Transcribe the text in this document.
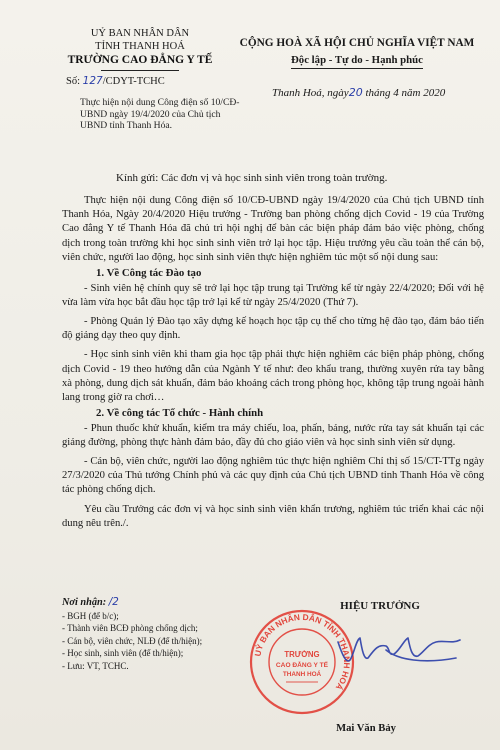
UỶ BAN NHÂN DÂN
TỈNH THANH HOÁ
TRƯỜNG CAO ĐẲNG Y TẾ
Số: 127/CDYT-TCHC
Thực hiện nội dung Công điện số 10/CĐ-UBND ngày 19/4/2020 của Chủ tịch UBND tỉnh Thanh Hóa.
CỘNG HOÀ XÃ HỘI CHỦ NGHĨA VIỆT NAM
Độc lập - Tự do - Hạnh phúc
Thanh Hoá, ngày20 tháng 4 năm 2020
Kính gửi: Các đơn vị và học sinh sinh viên trong toàn trường.

Thực hiện nội dung Công điện số 10/CĐ-UBND ngày 19/4/2020 của Chủ tịch UBND tỉnh Thanh Hóa, Ngày 20/4/2020 Hiệu trưởng - Trường ban phòng chống dịch Covid - 19 của Trường Cao đẳng Y tế Thanh Hóa đã chủ trì hội nghị để bàn các biện pháp đảm bảo việc phòng, chống dịch trong toàn trường khi học sinh sinh viên trở lại học tập. Hiệu trưởng yêu cầu toàn thể cán bộ, viên chức, người lao động, học sinh sinh viên thực hiện nghiêm túc một số nội dung sau:

1. Về Công tác Đào tạo

- Sinh viên hệ chính quy sẽ trở lại học tập trung tại Trường kể từ ngày 22/4/2020; Đối với hệ vừa làm vừa học bắt đầu học tập trở lại kể từ ngày 25/4/2020 (Thứ 7).

- Phòng Quản lý Đào tạo xây dựng kế hoạch học tập cụ thể cho từng hệ đào tạo, đảm bảo tiến độ giảng dạy theo quy định.

- Học sinh sinh viên khi tham gia học tập phải thực hiện nghiêm các biện pháp phòng, chống dịch Covid - 19 theo hướng dẫn của Ngành Y tế như: đeo khẩu trang, thường xuyên rửa tay bằng xà phòng, dung dịch sát khuẩn, đảm bảo khoảng cách trong phòng học, không tập trung ngoài hành lang trong giờ ra chơi…

2. Về công tác Tổ chức - Hành chính

- Phun thuốc khử khuẩn, kiểm tra máy chiếu, loa, phấn, bảng, nước rửa tay sát khuẩn tại các giảng đường, phòng thực hành đảm bảo, đầy đủ cho giáo viên và học sinh sinh viên sử dụng.

- Cán bộ, viên chức, người lao động nghiêm túc thực hiện nghiêm Chỉ thị số 15/CT-TTg ngày 27/3/2020 của Thủ tướng Chính phủ và các quy định của Chủ tịch UBND tỉnh Thanh Hóa về công tác phòng chống dịch.

Yêu cầu Trưởng các đơn vị và học sinh sinh viên khẩn trương, nghiêm túc triển khai các nội dung nêu trên./.

Nơi nhận: /2
- BGH (để b/c);
- Thành viên BCĐ phòng chống dịch;
- Cán bộ, viên chức, NLĐ (để th/hiện);
- Học sinh, sinh viên (để th/hiện);
- Lưu: VT, TCHC.
HIỆU TRƯỞNG
UỶ BAN NHÂN DÂN TỈNH THANH HOÁ
TRƯỜNG
CAO ĐẲNG Y TẾ
THANH HOÁ
Mai Văn Bảy
